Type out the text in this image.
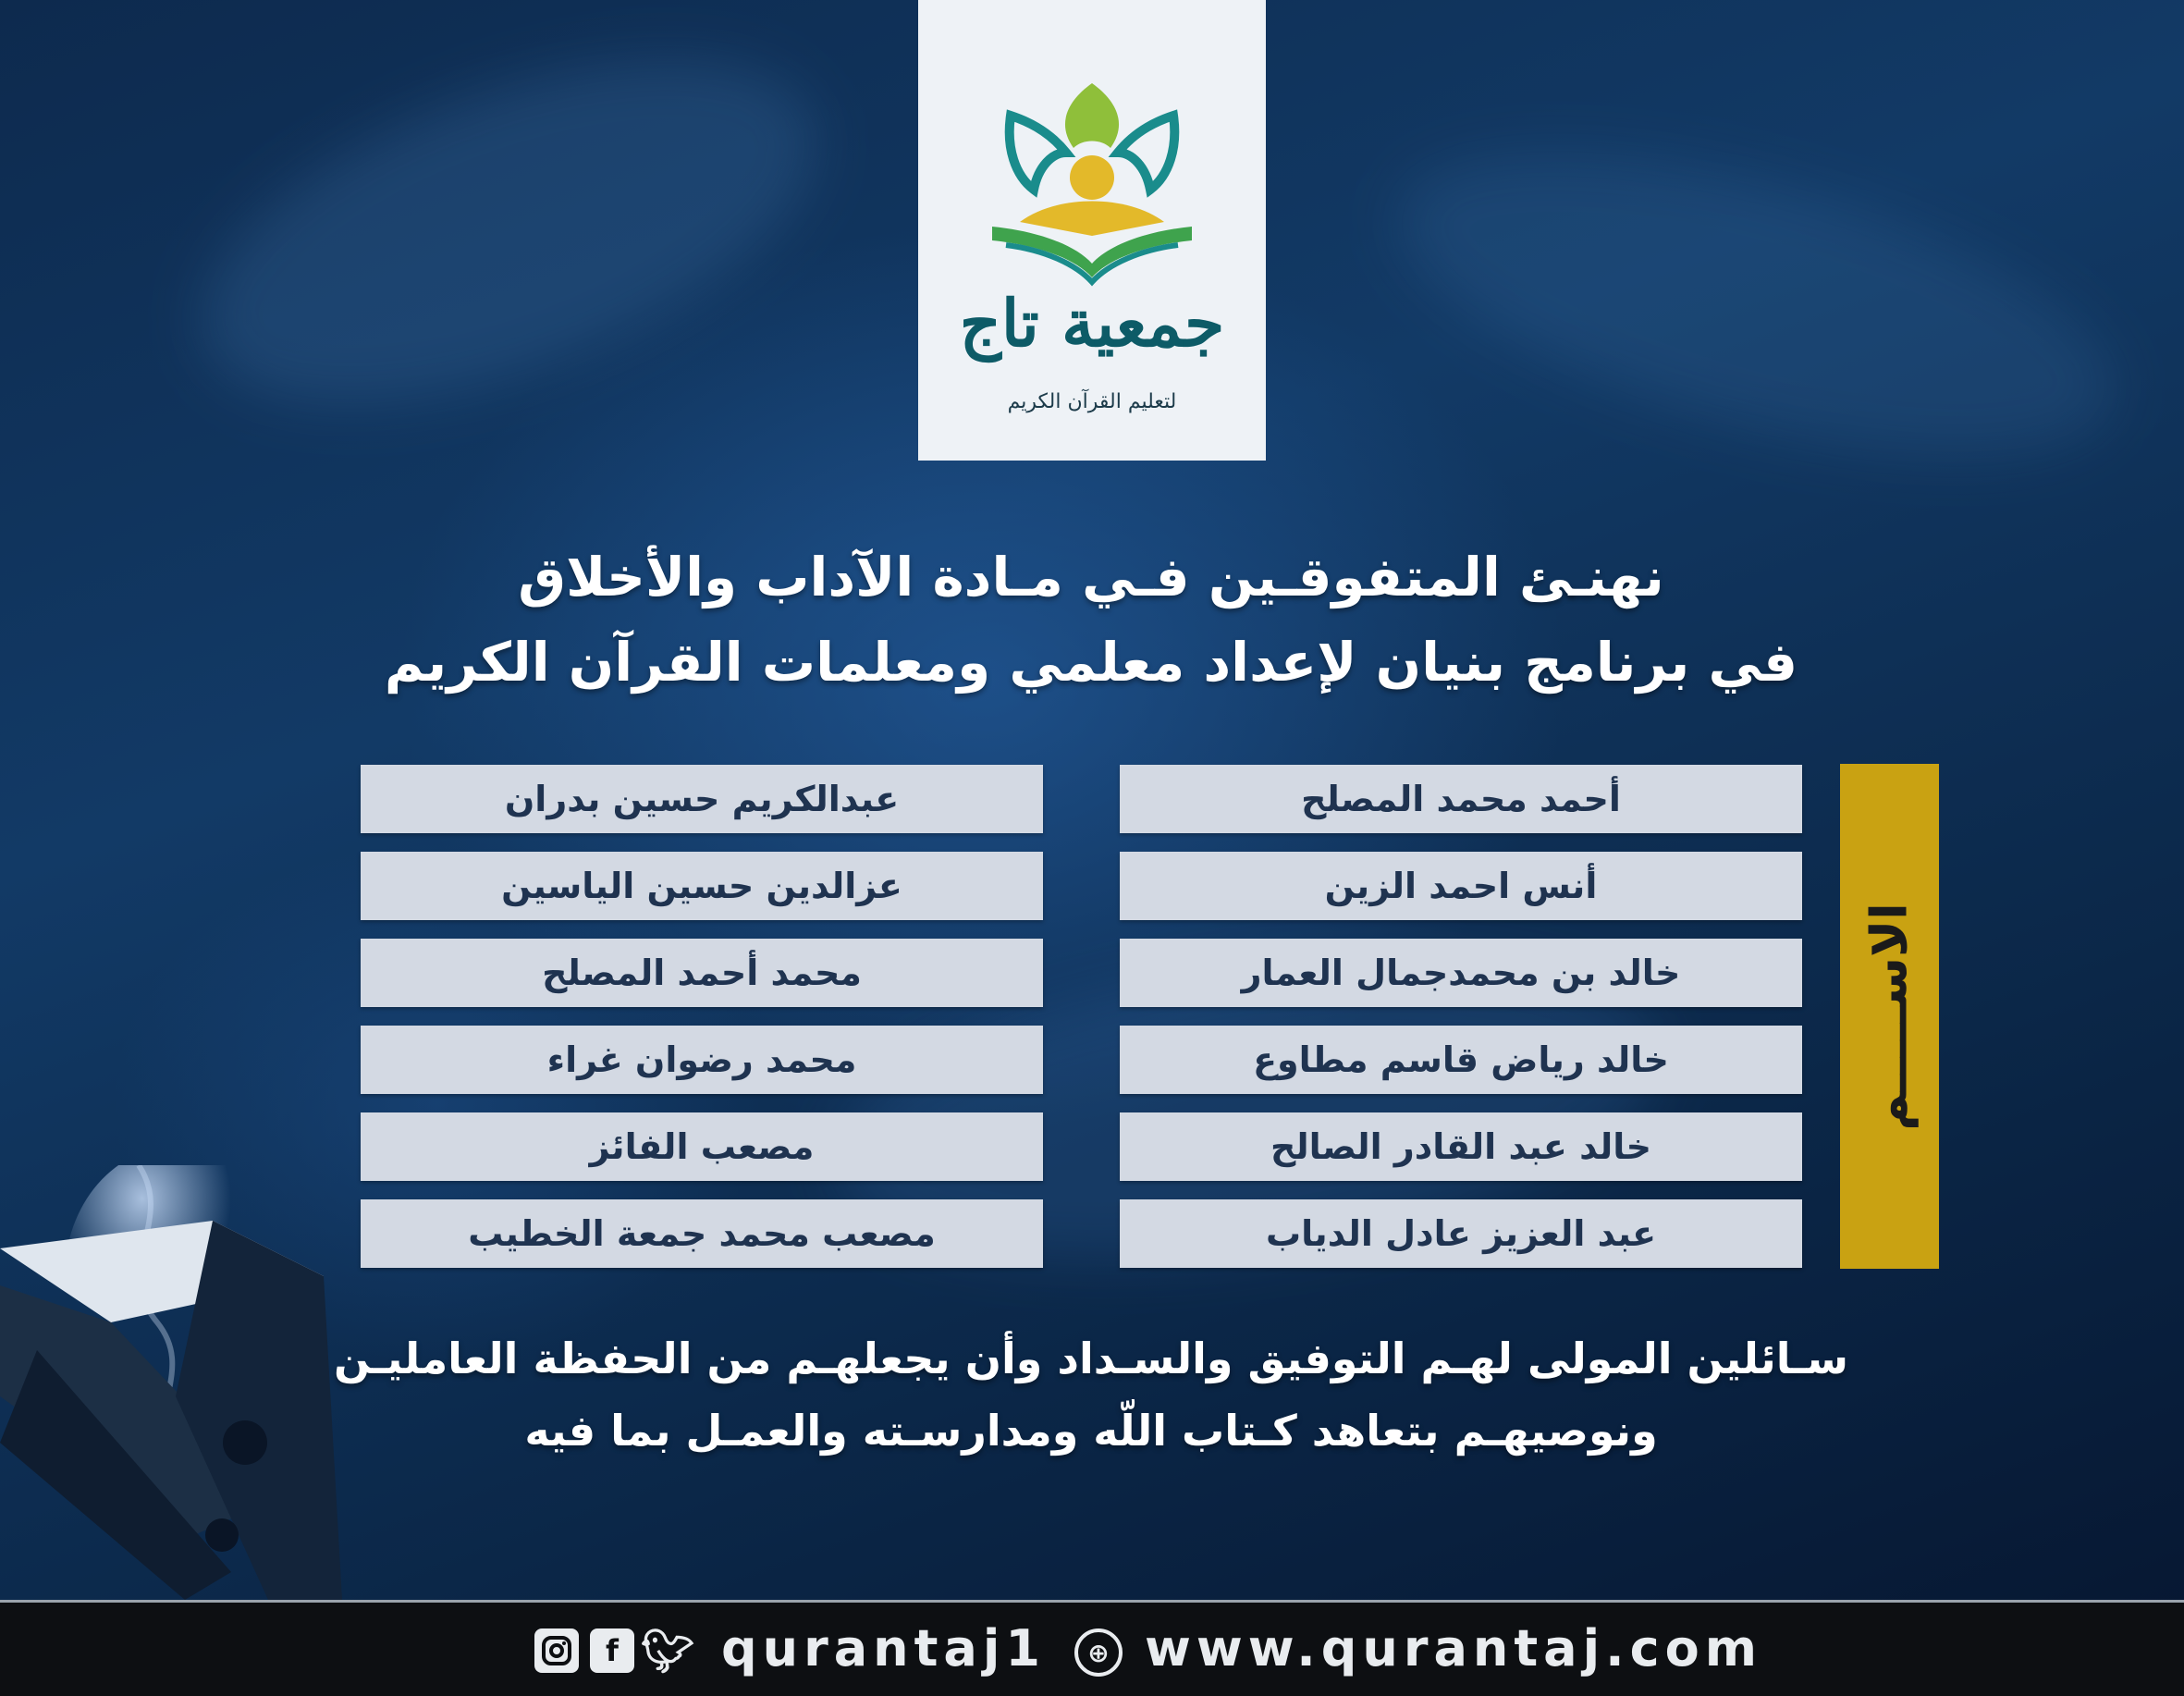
جمعية تاج
لتعليم القرآن الكريم
نهنـئ المتفوقـين فـي مـادة الآداب والأخلاق
في برنامج بنيان لإعداد معلمي ومعلمات القرآن الكريم
الاســـــم
أحمد محمد المصلح
أنس احمد الزين
خالد بن محمدجمال العمار
خالد رياض قاسم مطاوع
خالد عبد القادر الصالح
عبد العزيز عادل الدياب
عبدالكريم حسين بدران
عزالدين حسين الياسين
محمد أحمد المصلح
محمد رضوان غراء
مصعب الفائز
مصعب محمد جمعة الخطيب
سـائلين المولى لهـم التوفيق والسـداد وأن يجعلهـم من الحفظة العامليـن
ونوصيهـم بتعاهد كـتاب اللّه ومدارسـته والعمـل بما فيه
f 🐦︎ qurantaj1	⊕ www.qurantaj.com
